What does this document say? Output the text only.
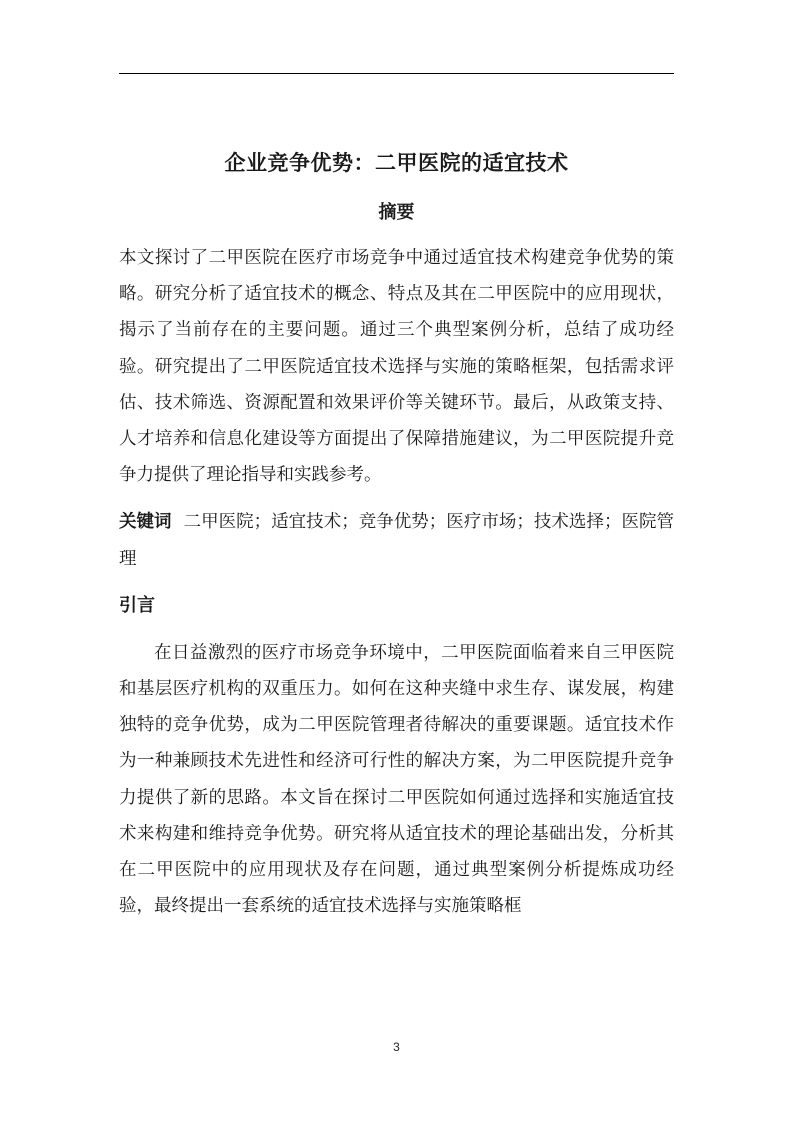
企业竞争优势：二甲医院的适宜技术
摘要

本文探讨了二甲医院在医疗市场竞争中通过适宜技术构建竞争优势的策略。研究分析了适宜技术的概念、特点及其在二甲医院中的应用现状，揭示了当前存在的主要问题。通过三个典型案例分析，总结了成功经验。研究提出了二甲医院适宜技术选择与实施的策略框架，包括需求评估、技术筛选、资源配置和效果评价等关键环节。最后，从政策支持、人才培养和信息化建设等方面提出了保障措施建议，为二甲医院提升竞争力提供了理论指导和实践参考。

关键词 二甲医院；适宜技术；竞争优势；医疗市场；技术选择；医院管理

引言

在日益激烈的医疗市场竞争环境中，二甲医院面临着来自三甲医院和基层医疗机构的双重压力。如何在这种夹缝中求生存、谋发展，构建独特的竞争优势，成为二甲医院管理者待解决的重要课题。适宜技术作为一种兼顾技术先进性和经济可行性的解决方案，为二甲医院提升竞争力提供了新的思路。本文旨在探讨二甲医院如何通过选择和实施适宜技术来构建和维持竞争优势。研究将从适宜技术的理论基础出发，分析其在二甲医院中的应用现状及存在问题，通过典型案例分析提炼成功经验，最终提出一套系统的适宜技术选择与实施策略框

3
